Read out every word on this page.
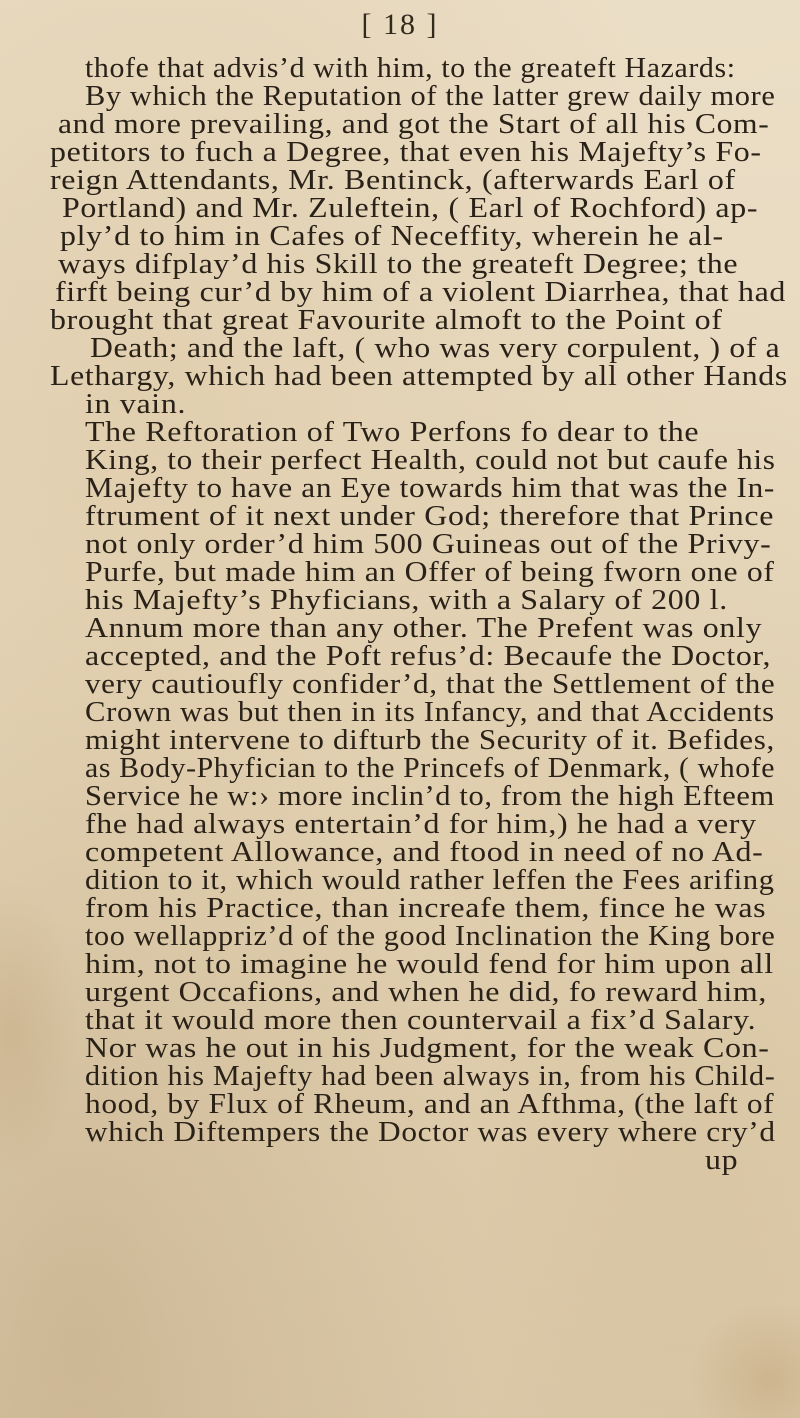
[ 18 ]
thofe that advis’d with him, to the greateft Hazards:
By which the Reputation of the latter grew daily more
and more prevailing, and got the Start of all his Com-
petitors to fuch a Degree, that even his Majefty’s Fo-
reign Attendants, Mr. Bentinck, (afterwards Earl of
Portland) and Mr. Zuleftein, ( Earl of Rochford) ap-
ply’d to him in Cafes of Neceffity, wherein he al-
ways difplay’d his Skill to the greateft Degree; the
firft being cur’d by him of a violent Diarrhea, that had
brought that great Favourite almoft to the Point of
Death; and the laft, ( who was very corpulent, ) of a
Lethargy, which had been attempted by all other Hands
in vain.
The Reftoration of Two Perfons fo dear to the
King, to their perfect Health, could not but caufe his
Majefty to have an Eye towards him that was the In-
ftrument of it next under God; therefore that Prince
not only order’d him 500 Guineas out of the Privy-
Purfe, but made him an Offer of being fworn one of
his Majefty’s Phyficians, with a Salary of 200 l.
Annum more than any other. The Prefent was only
accepted, and the Poft refus’d: Becaufe the Doctor,
very cautioufly confider’d, that the Settlement of the
Crown was but then in its Infancy, and that Accidents
might intervene to difturb the Security of it. Befides,
as Body-Phyfician to the Princefs of Denmark, ( whofe
Service he w:› more inclin’d to, from the high Efteem
fhe had always entertain’d for him,) he had a very
competent Allowance, and ftood in need of no Ad-
dition to it, which would rather leffen the Fees arifing
from his Practice, than increafe them, fince he was
too wellappriz’d of the good Inclination the King bore
him, not to imagine he would fend for him upon all
urgent Occafions, and when he did, fo reward him,
that it would more then countervail a fix’d Salary.
Nor was he out in his Judgment, for the weak Con-
dition his Majefty had been always in, from his Child-
hood, by Flux of Rheum, and an Afthma, (the laft of
which Diftempers the Doctor was every where cry’d
up
